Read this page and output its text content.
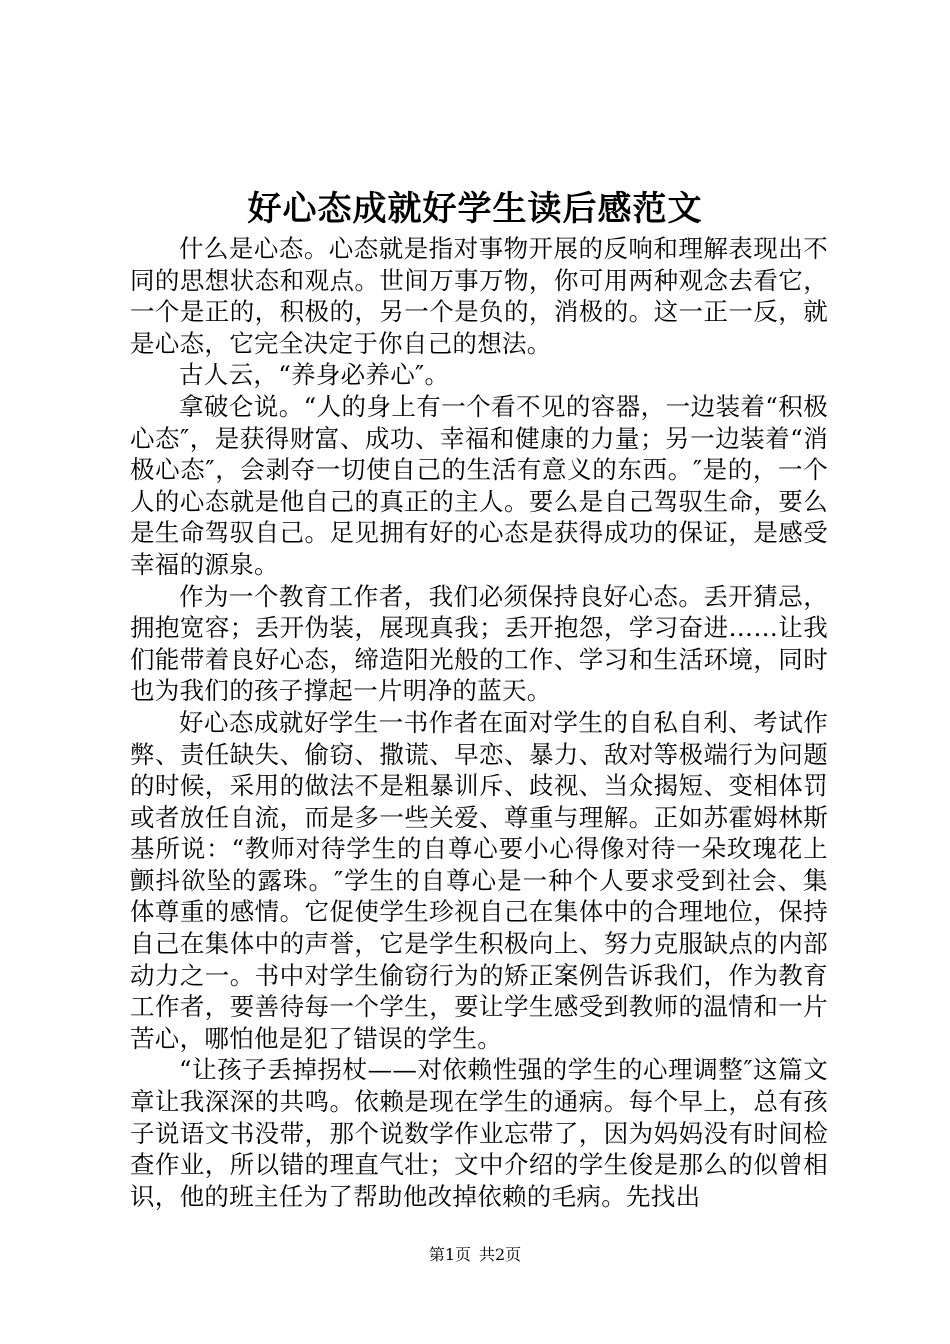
好心态成就好学生读后感范文

什么是心态。心态就是指对事物开展的反响和理解表现出不同的思想状态和观点。世间万事万物，你可用两种观念去看它，一个是正的，积极的，另一个是负的，消极的。这一正一反，就是心态，它完全决定于你自己的想法。

古人云，“养身必养心″。

拿破仑说。“人的身上有一个看不见的容器，一边装着“积极心态″，是获得财富、成功、幸福和健康的力量；另一边装着“消极心态″，会剥夺一切使自己的生活有意义的东西。″是的，一个人的心态就是他自己的真正的主人。要么是自己驾驭生命，要么是生命驾驭自己。足见拥有好的心态是获得成功的保证，是感受幸福的源泉。

作为一个教育工作者，我们必须保持良好心态。丢开猜忌，拥抱宽容；丢开伪装，展现真我；丢开抱怨，学习奋进……让我们能带着良好心态，缔造阳光般的工作、学习和生活环境，同时也为我们的孩子撑起一片明净的蓝天。

好心态成就好学生一书作者在面对学生的自私自利、考试作弊、责任缺失、偷窃、撒谎、早恋、暴力、敌对等极端行为问题的时候，采用的做法不是粗暴训斥、歧视、当众揭短、变相体罚或者放任自流，而是多一些关爱、尊重与理解。正如苏霍姆林斯基所说：“教师对待学生的自尊心要小心得像对待一朵玫瑰花上颤抖欲坠的露珠。″学生的自尊心是一种个人要求受到社会、集体尊重的感情。它促使学生珍视自己在集体中的合理地位，保持自己在集体中的声誉，它是学生积极向上、努力克服缺点的内部动力之一。书中对学生偷窃行为的矫正案例告诉我们，作为教育工作者，要善待每一个学生，要让学生感受到教师的温情和一片苦心，哪怕他是犯了错误的学生。

“让孩子丢掉拐杖——对依赖性强的学生的心理调整″这篇文章让我深深的共鸣。依赖是现在学生的通病。每个早上，总有孩子说语文书没带，那个说数学作业忘带了，因为妈妈没有时间检查作业，所以错的理直气壮；文中介绍的学生俊是那么的似曾相识，他的班主任为了帮助他改掉依赖的毛病。先找出

第1页 共2页
